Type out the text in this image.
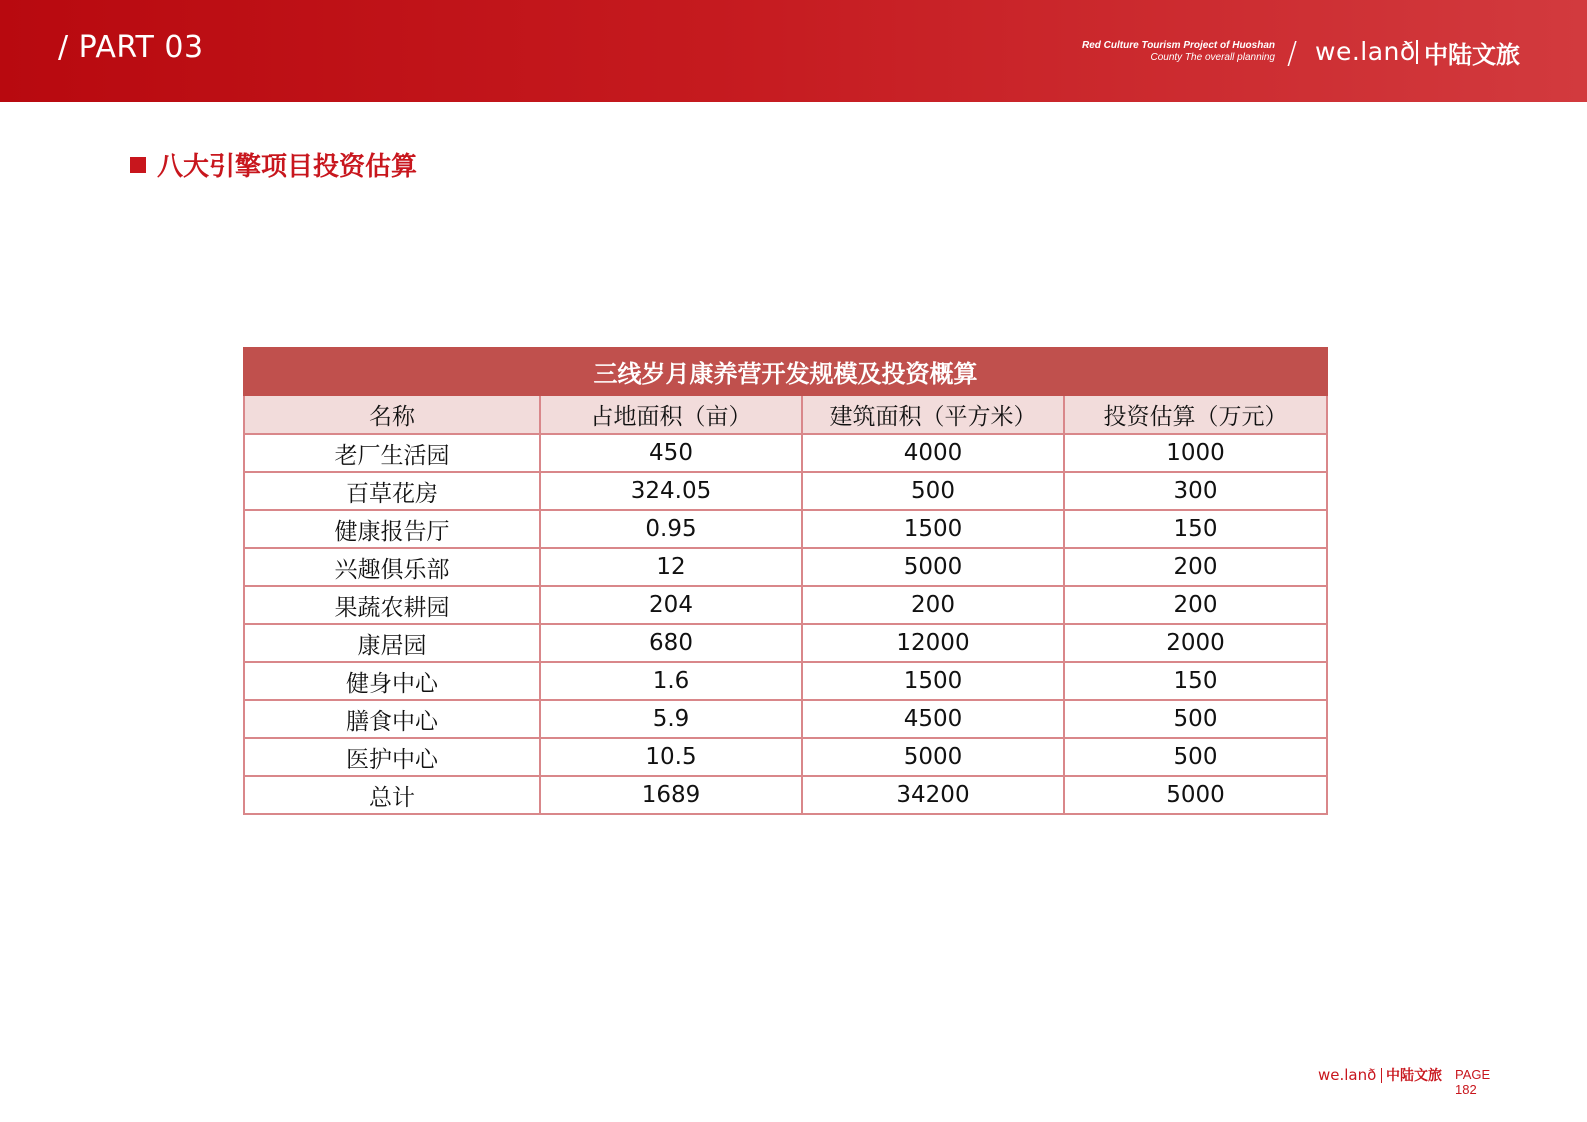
/ PART 03	Red Culture Tourism Project of Huoshan
County The overall planning / we.lanð 中陆文旅
八大引擎项目投资估算
三线岁月康养营开发规模及投资概算			
名称	占地面积（亩）	建筑面积（平方米）	投资估算（万元）
老厂生活园	450	4000	1000
百草花房	324.05	500	300
健康报告厅	0.95	1500	150
兴趣俱乐部	12	5000	200
果蔬农耕园	204	200	200
康居园	680	12000	2000
健身中心	1.6	1500	150
膳食中心	5.9	4500	500
医护中心	10.5	5000	500
总计	1689	34200	5000
we.lanð 中陆文旅 PAGE
182
